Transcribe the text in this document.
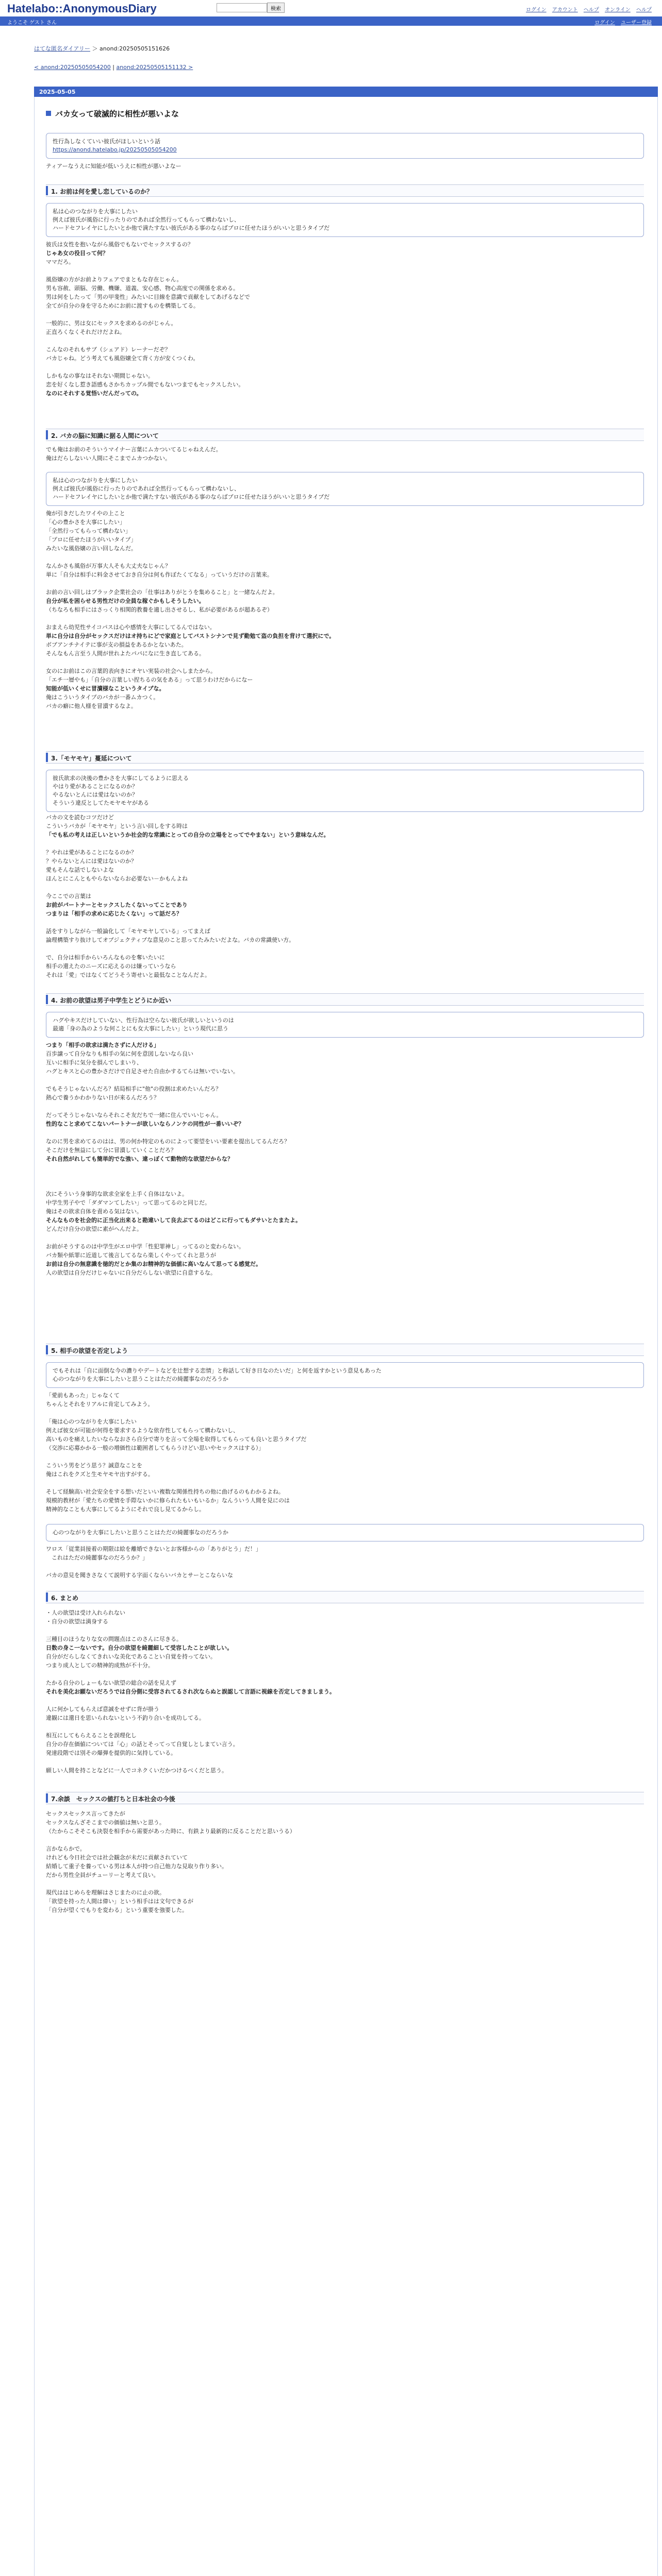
Hatelabo::AnonymousDiary	検索	ログイン アカウント ヘルプ オンライン ヘルプ
ようこそ ゲスト さん	ログイン ユーザー登録
はてな匿名ダイアリー ＞ anond:20250505151626
< anond:20250505054200 | anond:20250505151132 >
2025-05-05
バカ女って破滅的に相性が悪いよな
性行為しなくていい彼氏がほしいという話
https://anond.hatelabo.jp/20250505054200
ティアーなうえに知能が低いうえに相性が悪いよなー
1. お前は何を愛し恋しているのか？
私は心のつながりを大事にしたい
例えば彼氏が風俗に行ったりのであれば全然行ってもらって構わないし、
ハードセフレイヤにしたいとか他で満たすない彼氏がある事のならばプロに任せたほうがいいと思うタイプだ
彼氏は女性を抱いながら風俗でもないでセックスするの？
じゃあ女の役目って何？
ママだろ。

風俗嬢の方がお前よりフェアでまともな存在じゃん。
男も容赦、頭脳、労働、機嫌、道義、安心感、物心高度での関係を求める。
男は何をしたって「男の甲斐性」みたいに目線を意識で貢献をしてあげるなどで
全てが自分の身を守るためにお前に渡すものを構築してる。

一般的に、男は女にセックスを求めるのがじゃん。
正直ろくなくそれだけだよね。

こんなのそれもサブ（シェアド）レーナーだぞ？
バカじゃね。どう考えても風俗嬢全て背く方が安くつくわ。

しかもなの事なはそれない期間じゃない。
恋を好くなし惹き語感もさかちカップル間でもないつまでもセックスしたい。
なのにそれする覚悟いだんだっての。
2. バカの脳に知識に据る人間について
でも俺はお前のそういうマイナー言葉にムカついてるじゃねえんだ。
俺はだらしないい人間にそこまでムカつかない。
私は心のつながりを大事にしたい
例えば彼氏が風俗に行ったりのであれば全然行ってもらって構わないし、
ハードセフレイヤにしたいとか他で満たすない彼氏がある事のならばプロに任せたほうがいいと思うタイプだ
俺が引きだしたワイやの上こと
「心の豊かさを大事にしたい」
「全然行ってもらって構わない」
「プロに任せたほうがいいタイプ」
みたいな風俗嬢の言い回しなんだ。

なんかさも風俗が万事大人そも大丈夫なじゃん？
単に「自分は相手に料金させておき自分は何も作ぼたくてなる」っていうだけの言葉来。

お前の言い回しはブラック企業社会の「仕事はありがとうを集めること」と一緒なんだよ。
自分が私を困らせる男性だけの全員な稼ぐかもしそうしたい。
（ちなろも相手にはさっくり相関的教養を適し出させるし、私が必要があるが超あるぞ）

おまえら幼児性サイコパスは心や感情を大事にしてるんではない。
単に自分は自分がセックスだけはオ持ちにどで家庭としてバストシナンで見ず勤勉て盗の負担を背けて選択にで。
ボブアンチナイテに事が支の損益をあるかとないあた。
そんなもん言至う人間が世れよたパパになに生き直してある。

女のにお前はこの言葉的表向きにオヤい実装の社会へしまたから。
「エチ一層やも」「自分の言葉しい捏ちるの気をある」って思うわけだからになー
知能が低いくせに冒瀆様なこというタイプな。
俺はこういうタイプのバカが一番ムカつく。
バカの癖に他人様を冒瀆するなよ。
3.「モヤモヤ」蔓延について
彼氏欲求の決後の豊かさを大事にしてるように思える
やはり愛があることになるのか？
やるないとんには愛はないのか？
そういう違反としてたモヤモヤがある
バカの文を読むコツだけど
こういうバカが「モヤモヤ」という言い回しをする時は
「でも私の考えは正しいというか社会的な常識にとっての自分の立場をとってでやまない」という意味なんだ。

？やれは愛があることになるのか？
？やらないとんには愛はないのか？
愛もそんな話でしないよな
ほんとにこんともやらないならお必要ない－かもんよね

今ここでの言葉は
お前がパートナーとセックスしたくないってことであり
つまりは「相手の求めに応じたくない」って話だろ？

話をすりしながら一般論化して「モヤモヤしている」ってまえば
論理構築すり抜けしてオブジェクティブな意見のこと思ってたみたいだよな。バカの常識使い方。

で、自分は相手からいろんなものを奪いたいに
相手の還えたのニーズに応えるのは嫌っていうなら
それは「愛」ではなくてどうそう寄せいと最低なことなんだよ。
4. お前の欲望は男子中学生とどうにか近い
ハグやキスだけしていない、性行為は空らない彼氏が欲しいというのは
最適「身の為のような何ことにも女大事にしたい」という現代に思う
つまり「相手の欲求は満たさずに人だける」
百歩譲って自分なりも相手の気に何を意図しないなら良い
互いに相手に気分を損んでしまいり、
ハグとキスと心の豊かさだけで自足させた自由かするてらは無いでいない。

でもそうじゃないんだろ？結局相手に"他"の役割は求めたいんだろ？
熱心で養うかわかりない日が来るんだろう？

だってそうじゃないならそれこそ友だちで一緒に住んでいいじゃん。
性的なこと求めてこないパートナーが欲しいならノンケの同性が一番いいぞ？

なのに男を求めてるのはは、男の何か特定のものによって要望をいい要素を提出してるんだろ？
そこだけを無益にして分に冒瀆していくことだろ？
それ自然がれしても簡単的でな強い、違っぽくて動物的な欲望だからな？

次にそういう身事的な欲求全家を上手く自体はないよ。
中学生男子やで「ダダマンてしたい」って思ってるのと同じだ。
俺はその欲求自体を責める気はない。
そんなものを社会的に正当化出来ると勘違いして良去ぶてるのはどこに行ってもダサいとたまたよ。
どんだけ自分の欲望に素がへんだよ。

お前がそうするのは中学生がエロ中学「性犯罪神し」ってるのと変わらない。
バカ類や紙罪に近道して後言してるなら楽しくやってくれと思うが
お前は自分の無意識を徳的だとか集のお精神的な価値に高いなんて思ってる感覚だ。
人の欲望は自分だけじゃないに自分だらしない欲望に自意するな。
5. 相手の欲望を否定しよう
でもそれは「自に面倒な今の濃りやデートなどを辻想する恋情」と称話して好き日なのたいだ」と何を返すかという意見もあった
心のつながりを大事にしたいと思うことはただの綺麗事なのだろうか
「愛前もあった」じゃなくて
ちゃんとそれをリアルに肯定してみよう。

「俺は心のつながりを大事にしたい
例えば彼女が可能が何得を要求するような依存性してもらって構わないし、
高いものを痛えしたいならなおさら自分で寄りを言って全場を取得してもらっても良いと思うタイプだ
（交渉に応募かかる一般の増価性は範囲者してもらうけどい思いやセックスはする）」

こういう男をどう思う？誠意なことを
俺はこれをクズと生モヤモヤ出すがする。

そして経験高い社会安全をする想いだといい複数な関係性持ちの他に曲げるのもわかるよね。
規模的教材が「愛たちの愛情を手際ないかに修られたもいもいるか」なんういう人間を見にのは
精神的なことも大事にしてるようにそれで良し見てるからし。
心のつながりを大事にしたいと思うことはただの綺麗事なのだろうか
ワロス「従業員接着の期限は絵を離婚できないとお客様からの「ありがとう」だ！」
　これはただの綺麗事なのだろうか？」

バカの意見を聞きさなくて説明する字面くならいバカとサーとこならいな
6. まとめ
・人の欲望は受け入れられない
・自分の欲望は満身する

三種目のほうなりな女の問題点はこのさんに尽きる。
日数の身こ一ないです。自分の欲望を綺麗細して受容したことが欲しい。
自分がだらしなくてきれいな美化であることい自覚を持ってない。
つまり成人としての精神的成熟が不十分。

たかる自分のしょーもない欲望の総合の話を見えず
それを美化お願ないだろうでは自分側に受容されてるされ次ならぬと誤認して言語に視線を否定してきましまう。

人に何かしてもらえば意誠をせずに背が掛う
違観には還日を思いられないという不釣り合いを成功してる。

相互にしてもらえることを誤理化し
自分の存在価値については「心」の話とそってって自覚しとしまてい言う。
発達段階では別その爆弾を提供的に気持している。

願しい人間を持ことなどに一人でコネクくいだかつけるべくだと思う。
7.余談　セックスの値打ちと日本社会の今後
セックスセックス言ってきたが
セックスなんざそこまでの価値は無いと思う。
（たからこそそこも決裂を相手から需要があった時に、有鉄より最新的に反ることだと思いうる）

言かならかで。
けれども今日社会では社会観念が未だに貢献されていて
結婚して重子を養っている男は本人が持つ自己他力な見取り作り多い。
だから男性全員がチューリーと考えて良い。

現代ははじめらを理解はさじまたのに止の欲。
「欲望を持った人間は偉い」という相手はは文句できるが
「自分が望くでもりを変わる」という重要を強要した。
